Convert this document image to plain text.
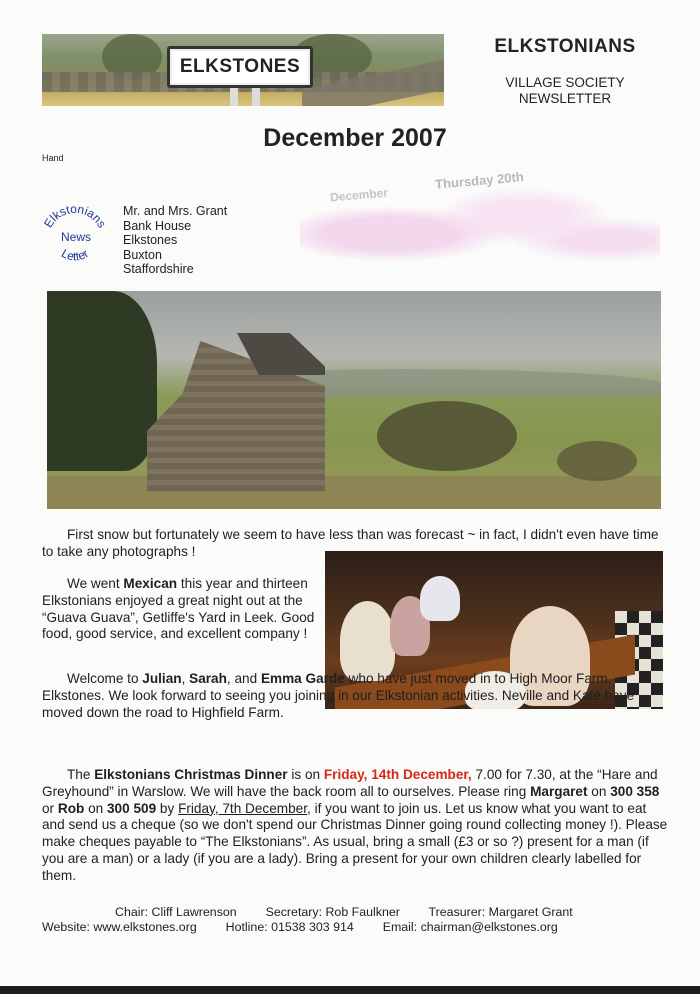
ELKSTONES
ELKSTONIANS
VILLAGE SOCIETY
NEWSLETTER
December 2007
Hand
Thursday 20th
December
Elkstonians
News
Letter
Mr. and Mrs. Grant
Bank House
Elkstones
Buxton
Staffordshire
First snow but fortunately we seem to have less than was forecast ~ in fact, I didn't even have time to take any photographs !
We went Mexican this year and thirteen Elkstonians enjoyed a great night out at the “Guava Guava”, Getliffe's Yard in Leek. Good food, good service, and excellent company !
Welcome to Julian, Sarah, and Emma Garde who have just moved in to High Moor Farm, Elkstones. We look forward to seeing you joining in our Elkstonian activities. Neville and Kate have moved down the road to Highfield Farm.
The Elkstonians Christmas Dinner is on Friday, 14th December, 7.00 for 7.30, at the “Hare and Greyhound” in Warslow. We will have the back room all to ourselves. Please ring Margaret on 300 358 or Rob on 300 509 by Friday, 7th December, if you want to join us. Let us know what you want to eat and send us a cheque (so we don't spend our Christmas Dinner going round collecting money !). Please make cheques payable to “The Elkstonians”. As usual, bring a small (£3 or so ?) present for a man (if you are a man) or a lady (if you are a lady). Bring a present for your own children clearly labelled for them.
Chair: Cliff Lawrenson Secretary: Rob Faulkner Treasurer: Margaret Grant
Website: www.elkstones.org Hotline: 01538 303 914 Email: chairman@elkstones.org
